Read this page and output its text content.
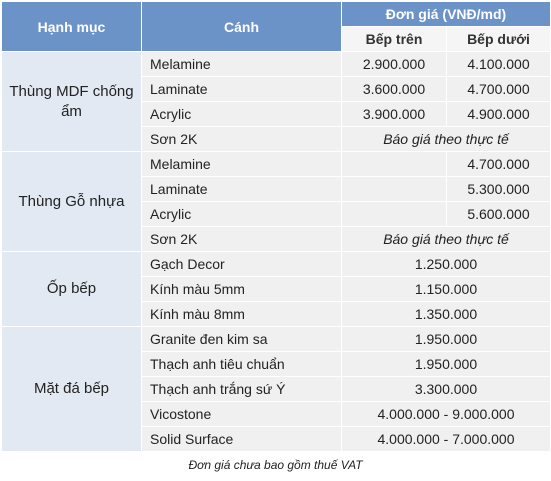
Hạnh mục	Cánh	Đơn giá (VNĐ/md)	
		Bếp trên	Bếp dưới
Thùng MDF chống ẩm	Melamine	2.900.000	4.100.000
	Laminate	3.600.000	4.700.000
	Acrylic	3.900.000	4.900.000
	Sơn 2K	Báo giá theo thực tế	
Thùng Gỗ nhựa	Melamine		4.700.000
	Laminate		5.300.000
	Acrylic		5.600.000
	Sơn 2K	Báo giá theo thực tế	
Ốp bếp	Gạch Decor	1.250.000	
	Kính màu 5mm	1.150.000	
	Kính màu 8mm	1.350.000	
Mặt đá bếp	Granite đen kim sa	1.950.000	
	Thạch anh tiêu chuẩn	1.950.000	
	Thạch anh trắng sứ Ý	3.300.000	
	Vicostone	4.000.000 - 9.000.000	
	Solid Surface	4.000.000 - 7.000.000	
Đơn giá chưa bao gồm thuế VAT
